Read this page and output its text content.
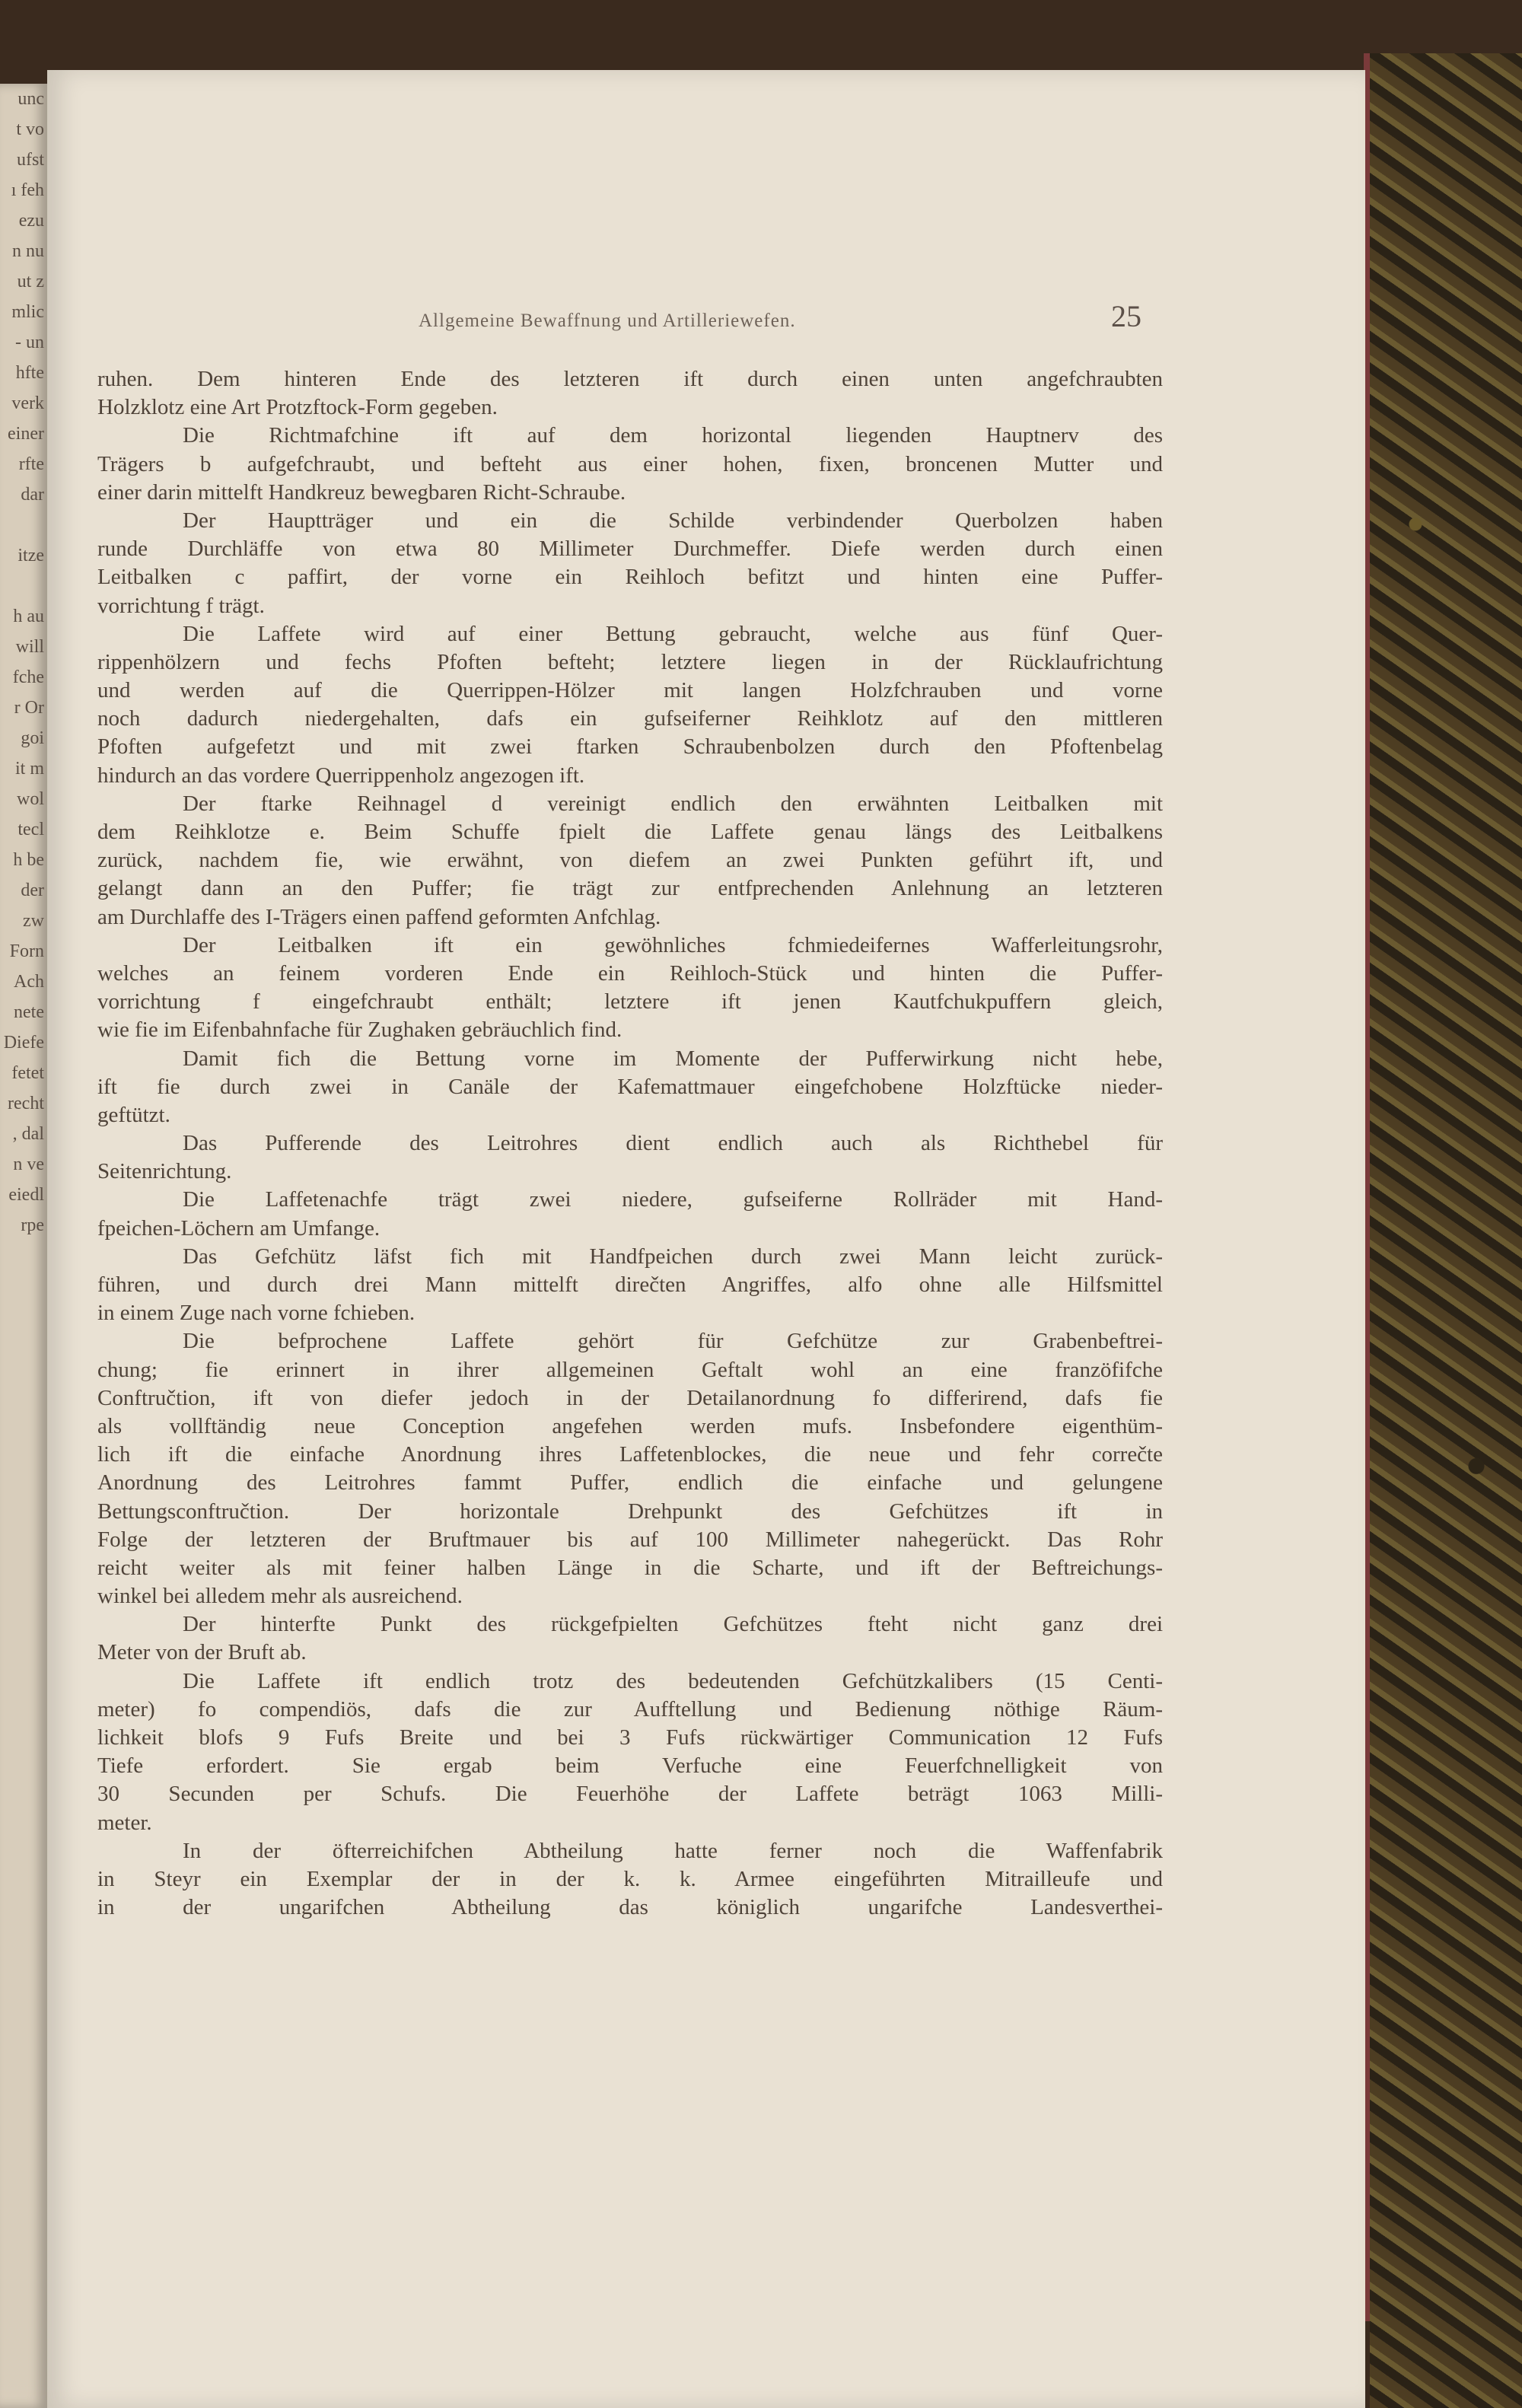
unc
t vo
ufst
ı feh
ezu
n nu
ut z
mlic
- un
hfte
verk
einer
rfte
dar
itze
h au
will
fche
r Or
goi
it m
wol
tecl
h be
der
zw
Forn
Ach
nete
Diefe
fetet
recht
, dal
n ve
eiedl
rpe
Allgemeine Bewaffnung und Artilleriewefen.	25
ruhen. Dem hinteren Ende des letzteren ift durch einen unten angefchraubten
Holzklotz eine Art Protzftock-Form gegeben.
Die Richtmafchine ift auf dem horizontal liegenden Hauptnerv des
Trägers b aufgefchraubt, und befteht aus einer hohen, fixen, broncenen Mutter und
einer darin mittelft Handkreuz bewegbaren Richt-Schraube.
Der Hauptträger und ein die Schilde verbindender Querbolzen haben
runde Durchläffe von etwa 80 Millimeter Durchmeffer. Diefe werden durch einen
Leitbalken c paffirt, der vorne ein Reihloch befitzt und hinten eine Puffer-
vorrichtung f trägt.
Die Laffete wird auf einer Bettung gebraucht, welche aus fünf Quer-
rippenhölzern und fechs Pfoften befteht; letztere liegen in der Rücklaufrichtung
und werden auf die Querrippen-Hölzer mit langen Holzfchrauben und vorne
noch dadurch niedergehalten, dafs ein gufseiferner Reihklotz auf den mittleren
Pfoften aufgefetzt und mit zwei ftarken Schraubenbolzen durch den Pfoftenbelag
hindurch an das vordere Querrippenholz angezogen ift.
Der ftarke Reihnagel d vereinigt endlich den erwähnten Leitbalken mit
dem Reihklotze e. Beim Schuffe fpielt die Laffete genau längs des Leitbalkens
zurück, nachdem fie, wie erwähnt, von diefem an zwei Punkten geführt ift, und
gelangt dann an den Puffer; fie trägt zur entfprechenden Anlehnung an letzteren
am Durchlaffe des I-Trägers einen paffend geformten Anfchlag.
Der Leitbalken ift ein gewöhnliches fchmiedeifernes Wafferleitungsrohr,
welches an feinem vorderen Ende ein Reihloch-Stück und hinten die Puffer-
vorrichtung f eingefchraubt enthält; letztere ift jenen Kautfchukpuffern gleich,
wie fie im Eifenbahnfache für Zughaken gebräuchlich find.
Damit fich die Bettung vorne im Momente der Pufferwirkung nicht hebe,
ift fie durch zwei in Canäle der Kafemattmauer eingefchobene Holzftücke nieder-
geftützt.
Das Pufferende des Leitrohres dient endlich auch als Richthebel für
Seitenrichtung.
Die Laffetenachfe trägt zwei niedere, gufseiferne Rollräder mit Hand-
fpeichen-Löchern am Umfange.
Das Gefchütz läfst fich mit Handfpeichen durch zwei Mann leicht zurück-
führen, und durch drei Mann mittelft direčten Angriffes, alfo ohne alle Hilfsmittel
in einem Zuge nach vorne fchieben.
Die befprochene Laffete gehört für Gefchütze zur Grabenbeftrei-
chung; fie erinnert in ihrer allgemeinen Geftalt wohl an eine franzöfifche
Conftručtion, ift von diefer jedoch in der Detailanordnung fo differirend, dafs fie
als vollftändig neue Conception angefehen werden mufs. Insbefondere eigenthüm-
lich ift die einfache Anordnung ihres Laffetenblockes, die neue und fehr correčte
Anordnung des Leitrohres fammt Puffer, endlich die einfache und gelungene
Bettungsconftručtion. Der horizontale Drehpunkt des Gefchützes ift in
Folge der letzteren der Bruftmauer bis auf 100 Millimeter nahegerückt. Das Rohr
reicht weiter als mit feiner halben Länge in die Scharte, und ift der Beftreichungs-
winkel bei alledem mehr als ausreichend.
Der hinterfte Punkt des rückgefpielten Gefchützes fteht nicht ganz drei
Meter von der Bruft ab.
Die Laffete ift endlich trotz des bedeutenden Gefchützkalibers (15 Centi-
meter) fo compendiös, dafs die zur Aufftellung und Bedienung nöthige Räum-
lichkeit blofs 9 Fufs Breite und bei 3 Fufs rückwärtiger Communication 12 Fufs
Tiefe erfordert. Sie ergab beim Verfuche eine Feuerfchnelligkeit von
30 Secunden per Schufs. Die Feuerhöhe der Laffete beträgt 1063 Milli-
meter.
In der öfterreichifchen Abtheilung hatte ferner noch die Waffenfabrik
in Steyr ein Exemplar der in der k. k. Armee eingeführten Mitrailleufe und
in der ungarifchen Abtheilung das königlich ungarifche Landesverthei-
